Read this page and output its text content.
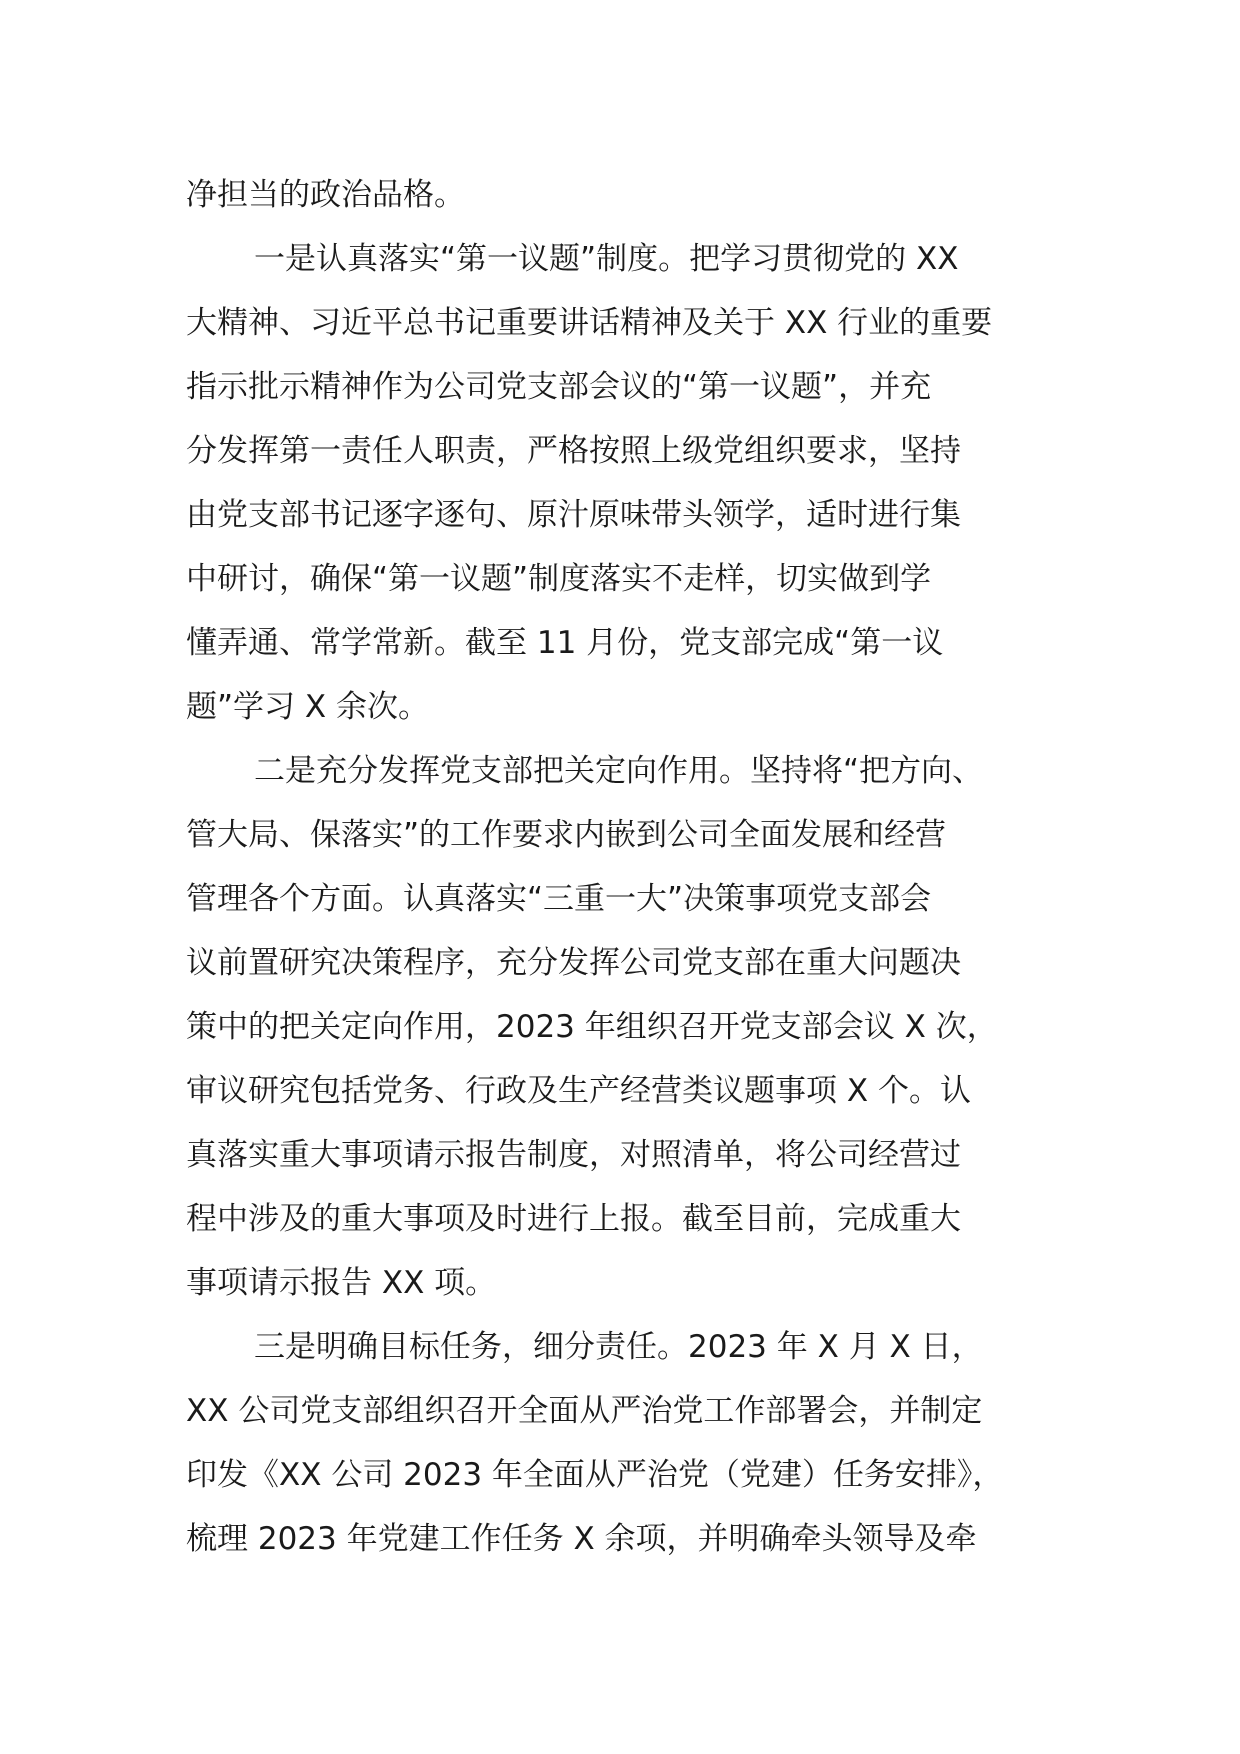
净担当的政治品格。
一是认真落实“第一议题”制度。把学习贯彻党的 XX
大精神、习近平总书记重要讲话精神及关于 XX 行业的重要
指示批示精神作为公司党支部会议的“第一议题”，并充
分发挥第一责任人职责，严格按照上级党组织要求，坚持
由党支部书记逐字逐句、原汁原味带头领学，适时进行集
中研讨，确保“第一议题”制度落实不走样，切实做到学
懂弄通、常学常新。截至 11 月份，党支部完成“第一议
题”学习 X 余次。
二是充分发挥党支部把关定向作用。坚持将“把方向、
管大局、保落实”的工作要求内嵌到公司全面发展和经营
管理各个方面。认真落实“三重一大”决策事项党支部会
议前置研究决策程序，充分发挥公司党支部在重大问题决
策中的把关定向作用，2023 年组织召开党支部会议 X 次，
审议研究包括党务、行政及生产经营类议题事项 X 个。认
真落实重大事项请示报告制度，对照清单，将公司经营过
程中涉及的重大事项及时进行上报。截至目前，完成重大
事项请示报告 XX 项。
三是明确目标任务，细分责任。2023 年 X 月 X 日，
XX 公司党支部组织召开全面从严治党工作部署会，并制定
印发《XX 公司 2023 年全面从严治党（党建）任务安排》，
梳理 2023 年党建工作任务 X 余项，并明确牵头领导及牵
